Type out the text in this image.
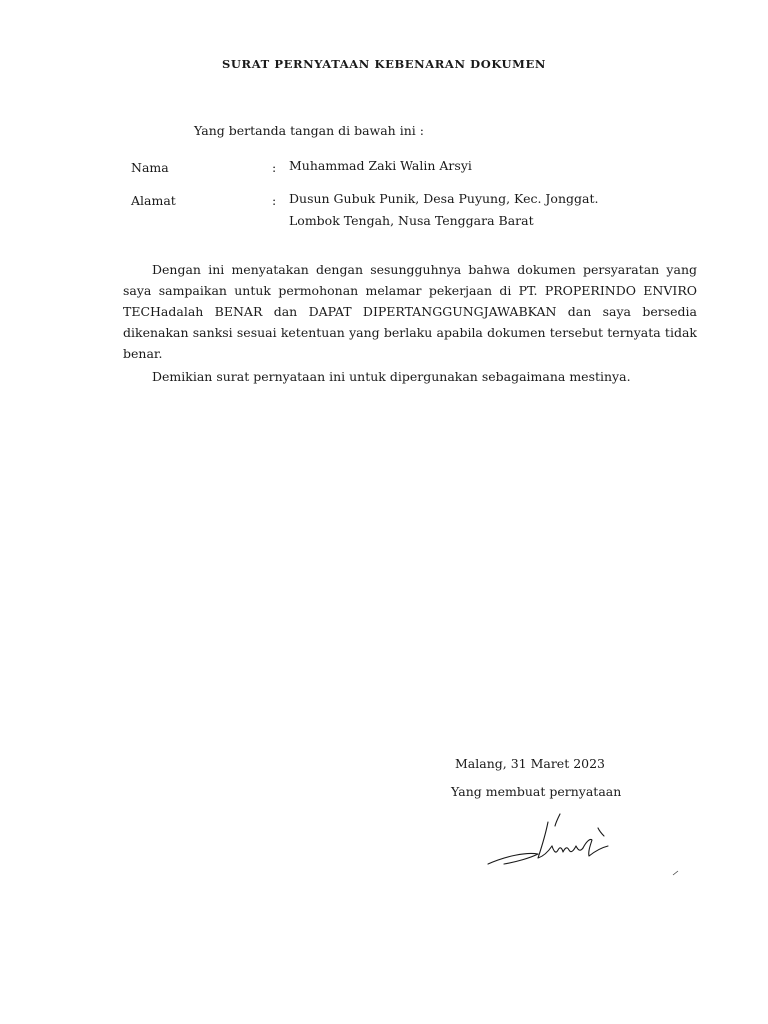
SURAT PERNYATAAN KEBENARAN DOKUMEN
Yang bertanda tangan di bawah ini :
Nama	: Muhammad Zaki Walin Arsyi
Alamat	: Dusun Gubuk Punik, Desa Puyung, Kec. Jonggat.
Lombok Tengah, Nusa Tenggara Barat
Dengan ini menyatakan dengan sesungguhnya bahwa dokumen persyaratan yang saya sampaikan untuk permohonan melamar pekerjaan di PT. PROPERINDO ENVIRO TECHadalah BENAR dan DAPAT DIPERTANGGUNGJAWABKAN dan saya bersedia dikenakan sanksi sesuai ketentuan yang berlaku apabila dokumen tersebut ternyata tidak benar.
Demikian surat pernyataan ini untuk dipergunakan sebagaimana mestinya.
Malang, 31 Maret 2023
Yang membuat pernyataan
